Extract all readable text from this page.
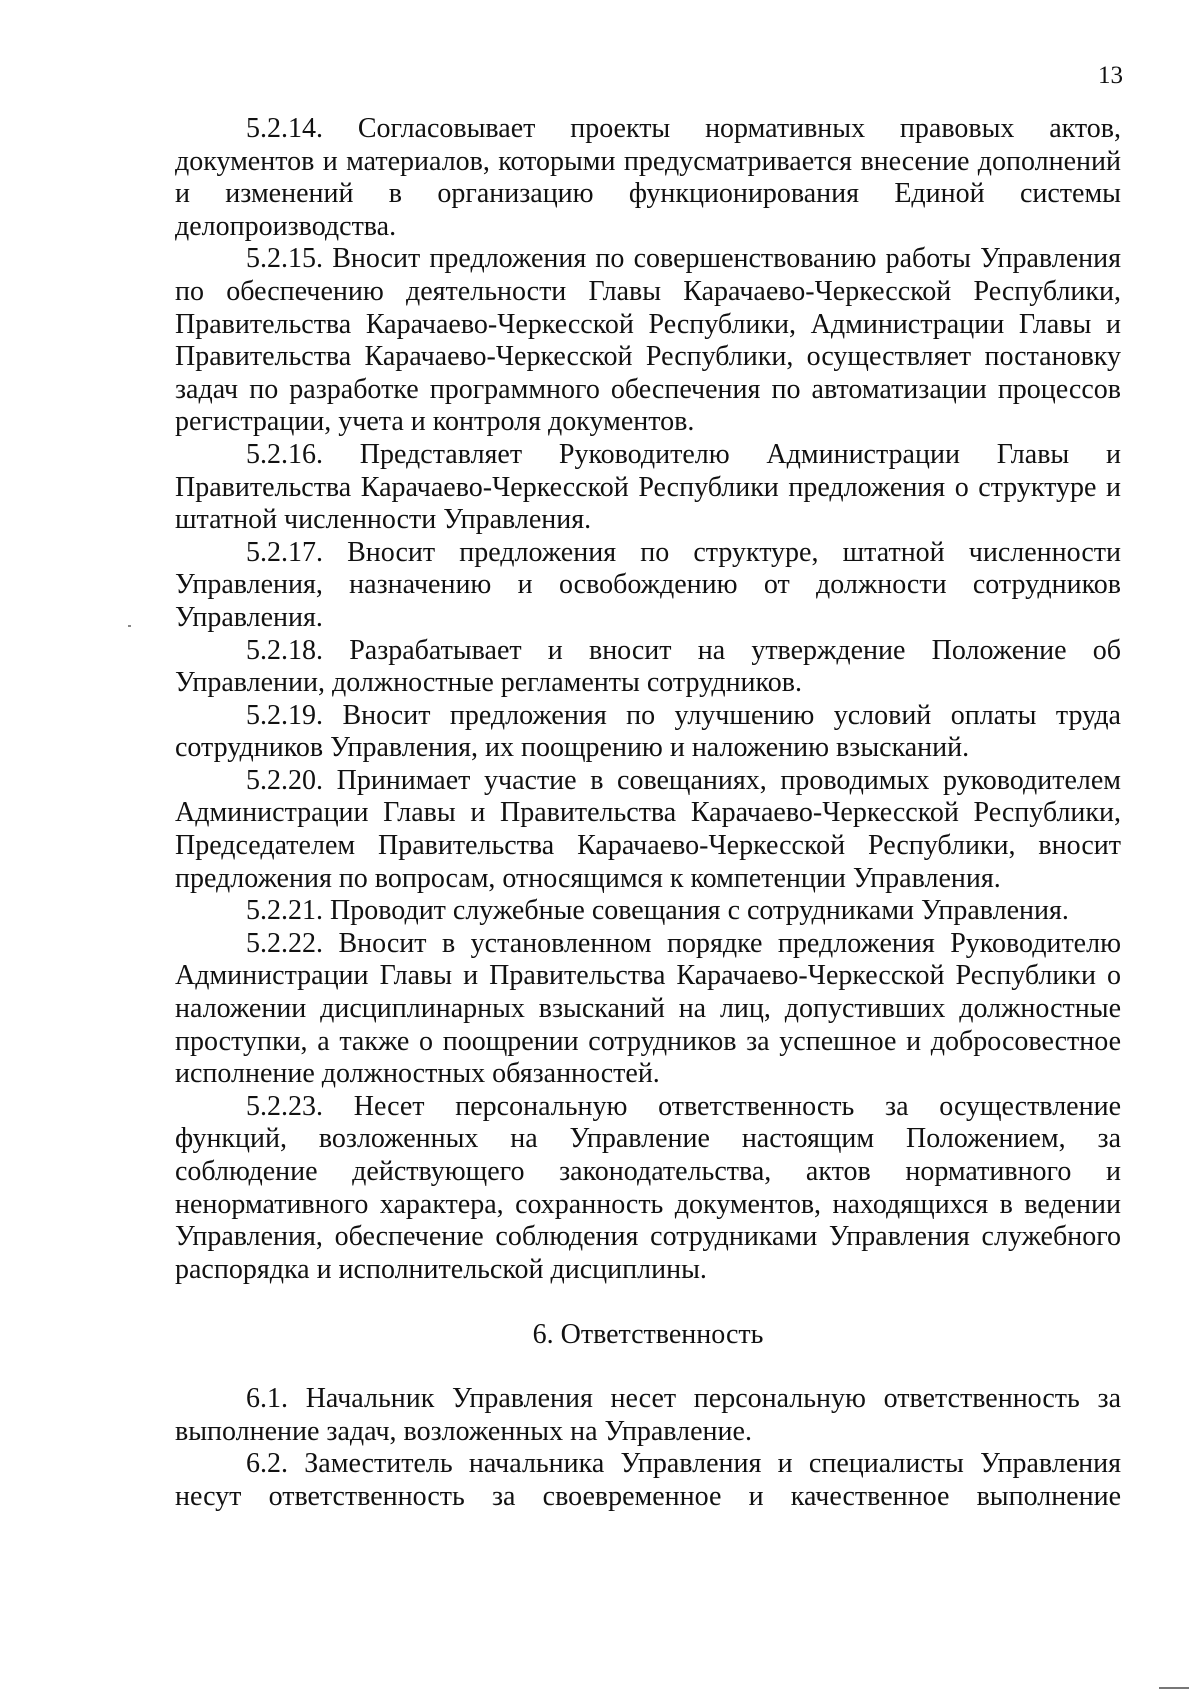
13

5.2.14. Согласовывает проекты нормативных правовых актов, документов и материалов, которыми предусматривается внесение дополнений и изменений в организацию функционирования Единой системы делопроизводства.

5.2.15. Вносит предложения по совершенствованию работы Управления по обеспечению деятельности Главы Карачаево-Черкесской Республики, Правительства Карачаево-Черкесской Республики, Администрации Главы и Правительства Карачаево-Черкесской Республики, осуществляет постановку задач по разработке программного обеспечения по автоматизации процессов регистрации, учета и контроля документов.

5.2.16. Представляет Руководителю Администрации Главы и Правительства Карачаево-Черкесской Республики предложения о структуре и штатной численности Управления.

5.2.17. Вносит предложения по структуре, штатной численности Управления, назначению и освобождению от должности сотрудников Управления.

5.2.18. Разрабатывает и вносит на утверждение Положение об Управлении, должностные регламенты сотрудников.

5.2.19. Вносит предложения по улучшению условий оплаты труда сотрудников Управления, их поощрению и наложению взысканий.

5.2.20. Принимает участие в совещаниях, проводимых руководителем Администрации Главы и Правительства Карачаево-Черкесской Республики, Председателем Правительства Карачаево-Черкесской Республики, вносит предложения по вопросам, относящимся к компетенции Управления.

5.2.21. Проводит служебные совещания с сотрудниками Управления.

5.2.22. Вносит в установленном порядке предложения Руководителю Администрации Главы и Правительства Карачаево-Черкесской Республики о наложении дисциплинарных взысканий на лиц, допустивших должностные проступки, а также о поощрении сотрудников за успешное и добросовестное исполнение должностных обязанностей.

5.2.23. Несет персональную ответственность за осуществление функций, возложенных на Управление настоящим Положением, за соблюдение действующего законодательства, актов нормативного и ненормативного характера, сохранность документов, находящихся в ведении Управления, обеспечение соблюдения сотрудниками Управления служебного распорядка и исполнительской дисциплины.

6. Ответственность

6.1. Начальник Управления несет персональную ответственность за выполнение задач, возложенных на Управление.

6.2. Заместитель начальника Управления и специалисты Управления несут ответственность за своевременное и качественное выполнение
